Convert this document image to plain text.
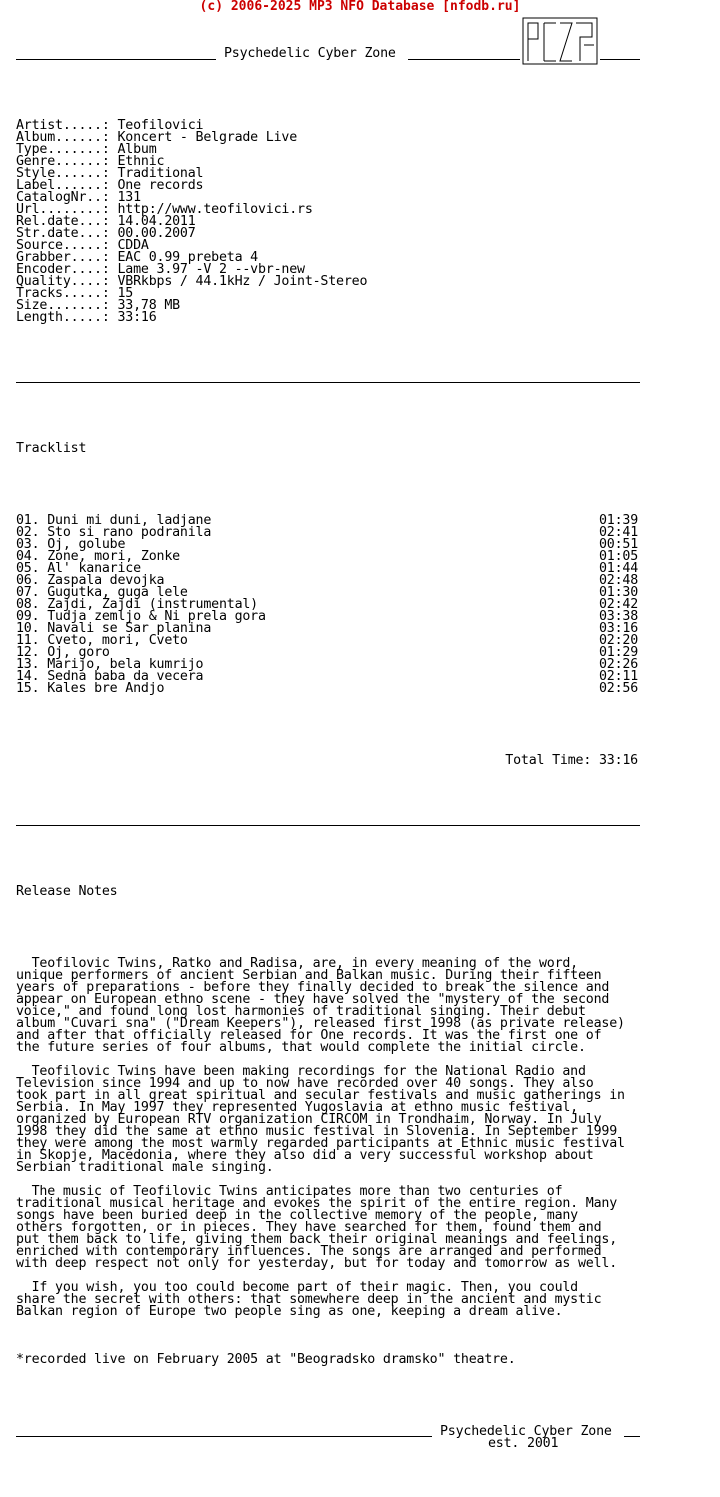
(c) 2006-2025 MP3 NFO Database [nfodb.ru]
Psychedelic Cyber Zone

Artist.....: Teofilovici
Album......: Koncert - Belgrade Live
Type.......: Album
Genre......: Ethnic
Style......: Traditional
Label......: One records
CatalogNr..: 131
Url........: http://www.teofilovici.rs
Rel.date...: 14.04.2011
Str.date...: 00.00.2007
Source.....: CDDA
Grabber....: EAC 0.99 prebeta 4
Encoder....: Lame 3.97 -V 2 --vbr-new
Quality....: VBRkbps / 44.1kHz / Joint-Stereo
Tracks.....: 15
Size.......: 33,78 MB
Length.....: 33:16

Tracklist

01. Duni mi duni, ladjane	01:39
02. Sto si rano podranila	02:41
03. Oj, golube	00:51
04. Zone, mori, Zonke	01:05
05. Al' kanarice	01:44
06. Zaspala devojka	02:48
07. Gugutka, guga lele	01:30
08. Zajdi, Zajdi (instrumental)	02:42
09. Tudja zemljo & Ni prela gora	03:38
10. Navali se Sar planina	03:16
11. Cveto, mori, Cveto	02:20
12. Oj, goro	01:29
13. Marijo, bela kumrijo	02:26
14. Sedna baba da vecera	02:11
15. Kales bre Andjo	02:56

Total Time: 33:16

Release Notes

Teofilovic Twins, Ratko and Radisa, are, in every meaning of the word,
unique performers of ancient Serbian and Balkan music. During their fifteen
years of preparations - before they finally decided to break the silence and
appear on European ethno scene - they have solved the "mystery of the second
voice," and found long lost harmonies of traditional singing. Their debut
album "Cuvari sna" ("Dream Keepers"), released first 1998 (as private release)
and after that officially released for One records. It was the first one of
the future series of four albums, that would complete the initial circle.
Teofilovic Twins have been making recordings for the National Radio and
Television since 1994 and up to now have recorded over 40 songs. They also
took part in all great spiritual and secular festivals and music gatherings in
Serbia. In May 1997 they represented Yugoslavia at ethno music festival,
organized by European RTV organization CIRCOM in Trondhaim, Norway. In July
1998 they did the same at ethno music festival in Slovenia. In September 1999
they were among the most warmly regarded participants at Ethnic music festival
in Skopje, Macedonia, where they also did a very successful workshop about
Serbian traditional male singing.
The music of Teofilovic Twins anticipates more than two centuries of
traditional musical heritage and evokes the spirit of the entire region. Many
songs have been buried deep in the collective memory of the people, many
others forgotten, or in pieces. They have searched for them, found them and
put them back to life, giving them back their original meanings and feelings,
enriched with contemporary influences. The songs are arranged and performed
with deep respect not only for yesterday, but for today and tomorrow as well.
If you wish, you too could become part of their magic. Then, you could
share the secret with others: that somewhere deep in the ancient and mystic
Balkan region of Europe two people sing as one, keeping a dream alive.

*recorded live on February 2005 at "Beogradsko dramsko" theatre.

Psychedelic Cyber Zone

est. 2001
